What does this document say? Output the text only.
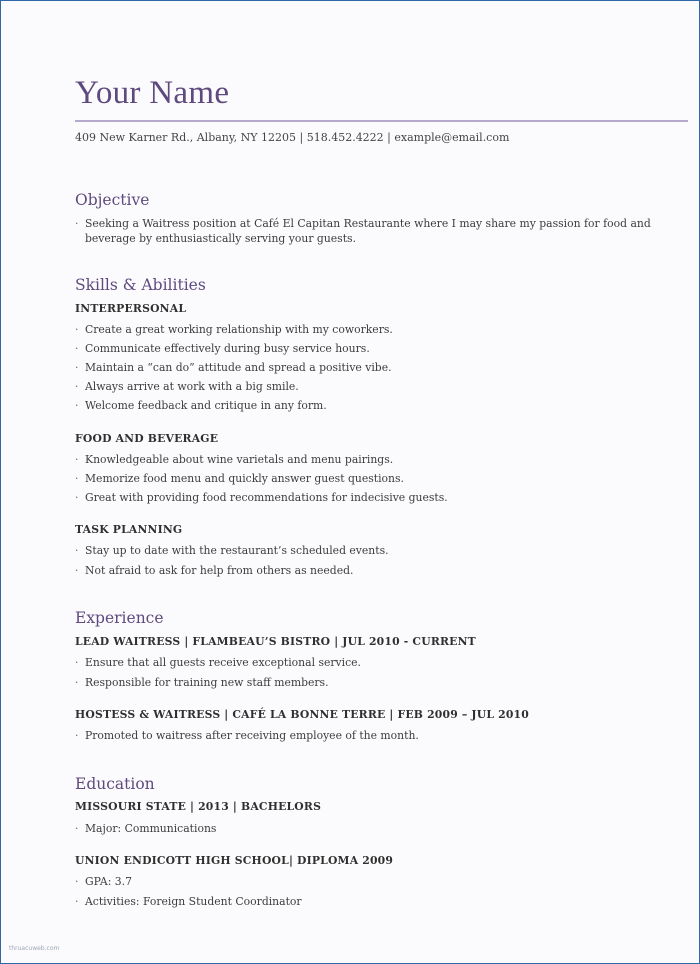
Your Name
409 New Karner Rd., Albany, NY 12205 | 518.452.4222 | example@email.com
Objective
· Seeking a Waitress position at Café El Capitan Restaurante where I may share my passion for food and beverage by enthusiastically serving your guests.
Skills & Abilities
INTERPERSONAL
· Create a great working relationship with my coworkers.
· Communicate effectively during busy service hours.
· Maintain a “can do” attitude and spread a positive vibe.
· Always arrive at work with a big smile.
· Welcome feedback and critique in any form.
FOOD AND BEVERAGE
· Knowledgeable about wine varietals and menu pairings.
· Memorize food menu and quickly answer guest questions.
· Great with providing food recommendations for indecisive guests.
TASK PLANNING
· Stay up to date with the restaurant’s scheduled events.
· Not afraid to ask for help from others as needed.
Experience
LEAD WAITRESS | FLAMBEAU’S BISTRO | JUL 2010 - CURRENT
· Ensure that all guests receive exceptional service.
· Responsible for training new staff members.
HOSTESS & WAITRESS | CAFÉ LA BONNE TERRE | FEB 2009 – JUL 2010
· Promoted to waitress after receiving employee of the month.
Education
MISSOURI STATE | 2013 | BACHELORS
· Major: Communications
UNION ENDICOTT HIGH SCHOOL| DIPLOMA 2009
· GPA: 3.7
· Activities: Foreign Student Coordinator
thruacuweb.com
